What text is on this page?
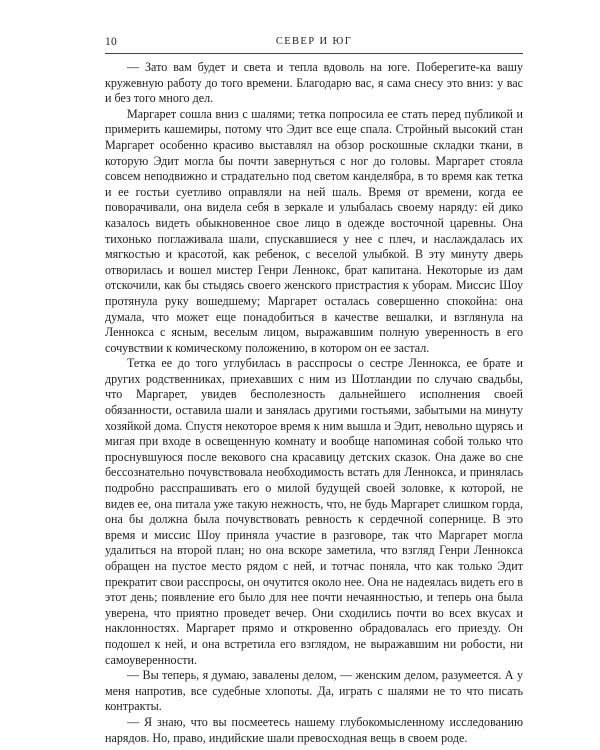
10	СЕВЕР И ЮГ

— Зато вам будет и света и тепла вдоволь на юге. Поберегите-ка вашу кружевную работу до того времени. Благодарю вас, я сама снесу это вниз: у вас и без того много дел.

Маргарет сошла вниз с шалями; тетка попросила ее стать перед публикой и примерить кашемиры, потому что Эдит все еще спала. Стройный высокий стан Маргарет особенно красиво выставлял на обзор роскошные складки ткани, в которую Эдит могла бы почти завернуться с ног до головы. Маргарет стояла совсем неподвижно и страдательно под светом канделябра, в то время как тетка и ее гостьи суетливо оправляли на ней шаль. Время от времени, когда ее поворачивали, она видела себя в зеркале и улыбалась своему наряду: ей дико казалось видеть обыкновенное свое лицо в одежде восточной царевны. Она тихонько поглаживала шали, спускавшиеся у нее с плеч, и наслаждалась их мягкостью и красотой, как ребенок, с веселой улыбкой. В эту минуту дверь отворилась и вошел мистер Генри Леннокс, брат капитана. Некоторые из дам отскочили, как бы стыдясь своего женского пристрастия к уборам. Миссис Шоу протянула руку вошедшему; Маргарет осталась совершенно спокойна: она думала, что может еще понадобиться в качестве вешалки, и взглянула на Леннокса с ясным, веселым лицом, выражавшим полную уверенность в его сочувствии к комическому положению, в котором он ее застал.

Тетка ее до того углубилась в расспросы о сестре Леннокса, ее брате и других родственниках, приехавших с ним из Шотландии по случаю свадьбы, что Маргарет, увидев бесполезность дальнейшего исполнения своей обязанности, оставила шали и занялась другими гостьями, забытыми на минуту хозяйкой дома. Спустя некоторое время к ним вышла и Эдит, невольно щурясь и мигая при входе в освещенную комнату и вообще напоминая собой только что проснувшуюся после векового сна красавицу детских сказок. Она даже во сне бессознательно почувствовала необходимость встать для Леннокса, и принялась подробно расспрашивать его о милой будущей своей золовке, к которой, не видев ее, она питала уже такую нежность, что, не будь Маргарет слишком горда, она бы должна была почувствовать ревность к сердечной сопернице. В это время и миссис Шоу приняла участие в разговоре, так что Маргарет могла удалиться на второй план; но она вскоре заметила, что взгляд Генри Леннокса обращен на пустое место рядом с ней, и тотчас поняла, что как только Эдит прекратит свои расспросы, он очутится около нее. Она не надеялась видеть его в этот день; появление его было для нее почти нечаянностью, и теперь она была уверена, что приятно проведет вечер. Они сходились почти во всех вкусах и наклонностях. Маргарет прямо и откровенно обрадовалась его приезду. Он подошел к ней, и она встретила его взглядом, не выражавшим ни робости, ни самоуверенности.

— Вы теперь, я думаю, завалены делом, — женским делом, разумеется. А у меня напротив, все судебные хлопоты. Да, играть с шалями не то что писать контракты.

— Я знаю, что вы посмеетесь нашему глубокомысленному исследованию нарядов. Но, право, индийские шали превосходная вещь в своем роде.
